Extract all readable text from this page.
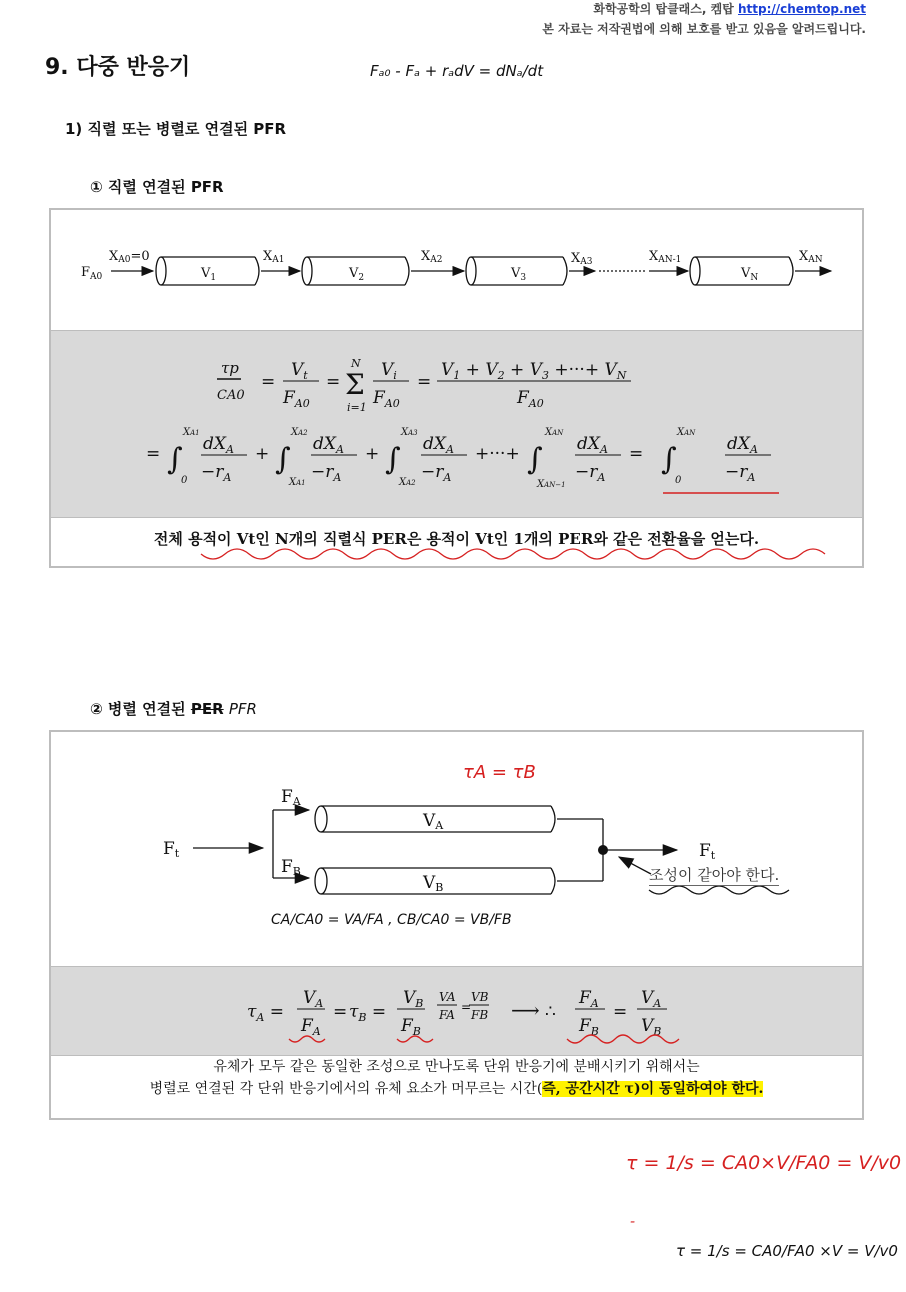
화학공학의 탑클래스, 켐탑 http://chemtop.net
본 자료는 저작권법에 의해 보호를 받고 있음을 알려드립니다.
9. 다중 반응기	Fₐ₀ - Fₐ + rₐdV = dNₐ/dt
1) 직렬 또는 병렬로 연결된 PFR
① 직렬 연결된 PFR
$F_{A0}$
XA0=0
$V_1$
XA1
$V_2$
XA2
$V_3$
XA3	XAN-1
$V_N$
XAN
τp
CA0
=
$V_t$
$F_{A0}$
=
N
Σ
i=1
$V_i$
$F_{A0}$
=
$V_1 + V_2 + V_3$ +···+ $V_N$
$F_{A0}$
= ∫
XA1
0
$dX_A$
$-r_A$
+ ∫
XA2
XA1
$dX_A$
$-r_A$
+ ∫
XA3
XA2
$dX_A$
$-r_A$
+···+ ∫
XAN
XAN−1
$dX_A$
$-r_A$
= ∫
XAN
0
$dX_A$
$-r_A$
전체 용적이 Vt인 N개의 직렬식 PER은 용적이 Vt인 1개의 PER와 같은 전환율을 얻는다.
② 병렬 연결된 PER PFR
τA = τB
Ft
FA
FB
VA
VB
Ft
조성이 같아야 한다.
CA/CA0 = VA/FA , CB/CA0 = VB/FB
$\tau_A$ =
$V_A$
$F_A$
= $\tau_B$ =
$V_B$
$F_B$
VA
FA
=
VB
FB ⟶ ∴
$F_A$
$F_B$
=
$V_A$
$V_B$
유체가 모두 같은 동일한 조성으로 만나도록 단위 반응기에 분배시키기 위해서는
병렬로 연결된 각 단위 반응기에서의 유체 요소가 머무르는 시간(즉, 공간시간 τ)이 동일하여야 한다.
τ = 1/s = CA0×V/FA0 = V/v0
-
τ = 1/s = CA0/FA0 ×V = V/v0
